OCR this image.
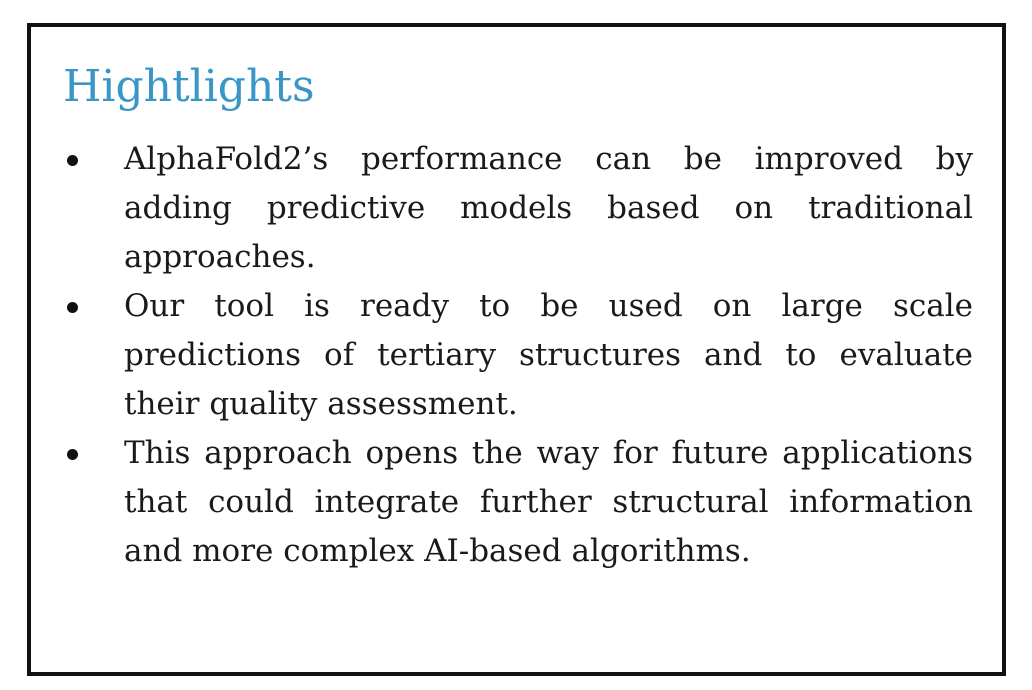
Hightlights
AlphaFold2’s performance can be improved by adding predictive models based on traditional approaches.
Our tool is ready to be used on large scale predictions of tertiary structures and to evaluate their quality assessment.
This approach opens the way for future applications that could integrate further structural information and more complex AI-based algorithms.
